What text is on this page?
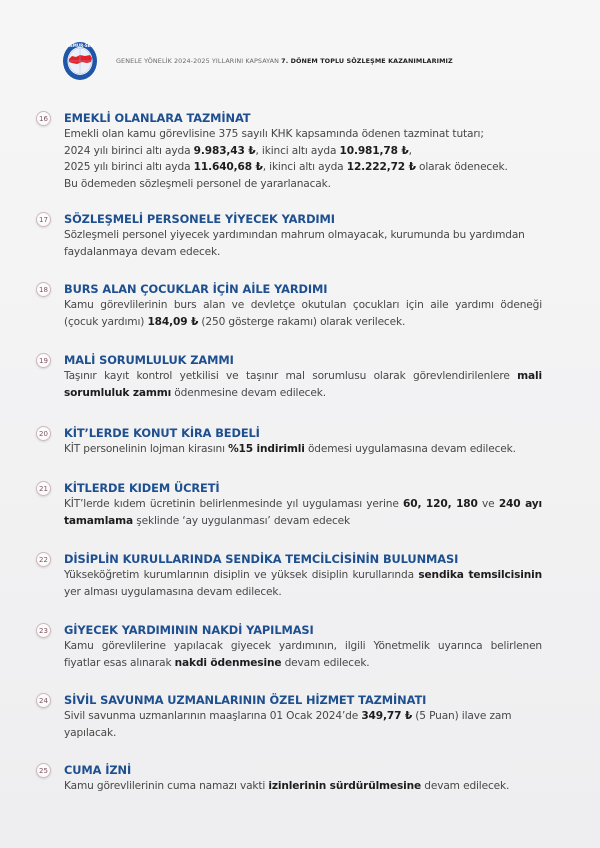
MEMUR-SEN
GENELE YÖNELİK 2024-2025 YILLARINI KAPSAYAN 7. DÖNEM TOPLU SÖZLEŞME KAZANIMLARIMIZ
16 EMEKLİ OLANLARA TAZMİNAT
Emekli olan kamu görevlisine 375 sayılı KHK kapsamında ödenen tazminat tutarı;
2024 yılı birinci altı ayda 9.983,43 ₺, ikinci altı ayda 10.981,78 ₺,
2025 yılı birinci altı ayda 11.640,68 ₺, ikinci altı ayda 12.222,72 ₺ olarak ödenecek.
Bu ödemeden sözleşmeli personel de yararlanacak.
17 SÖZLEŞMELİ PERSONELE YİYECEK YARDIMI
Sözleşmeli personel yiyecek yardımından mahrum olmayacak, kurumunda bu yardımdan
faydalanmaya devam edecek.
18 BURS ALAN ÇOCUKLAR İÇİN AİLE YARDIMI
Kamu görevlilerinin burs alan ve devletçe okutulan çocukları için aile yardımı ödeneği
(çocuk yardımı) 184,09 ₺ (250 gösterge rakamı) olarak verilecek.
19 MALİ SORUMLULUK ZAMMI
Taşınır kayıt kontrol yetkilisi ve taşınır mal sorumlusu olarak görevlendirilenlere mali
sorumluluk zammı ödenmesine devam edilecek.
20 KİT’LERDE KONUT KİRA BEDELİ
KİT personelinin lojman kirasını %15 indirimli ödemesi uygulamasına devam edilecek.
21 KİTLERDE KIDEM ÜCRETİ
KİT’lerde kıdem ücretinin belirlenmesinde yıl uygulaması yerine 60, 120, 180 ve 240 ayı
tamamlama şeklinde ‘ay uygulanması’ devam edecek
22 DİSİPLİN KURULLARINDA SENDİKA TEMCİLCİSİNİN BULUNMASI
Yükseköğretim kurumlarının disiplin ve yüksek disiplin kurullarında sendika temsilcisinin
yer alması uygulamasına devam edilecek.
23 GİYECEK YARDIMININ NAKDİ YAPILMASI
Kamu görevlilerine yapılacak giyecek yardımının, ilgili Yönetmelik uyarınca belirlenen
fiyatlar esas alınarak nakdi ödenmesine devam edilecek.
24 SİVİL SAVUNMA UZMANLARININ ÖZEL HİZMET TAZMİNATI
Sivil savunma uzmanlarının maaşlarına 01 Ocak 2024’de 349,77 ₺ (5 Puan) ilave zam
yapılacak.
25 CUMA İZNİ
Kamu görevlilerinin cuma namazı vakti izinlerinin sürdürülmesine devam edilecek.
